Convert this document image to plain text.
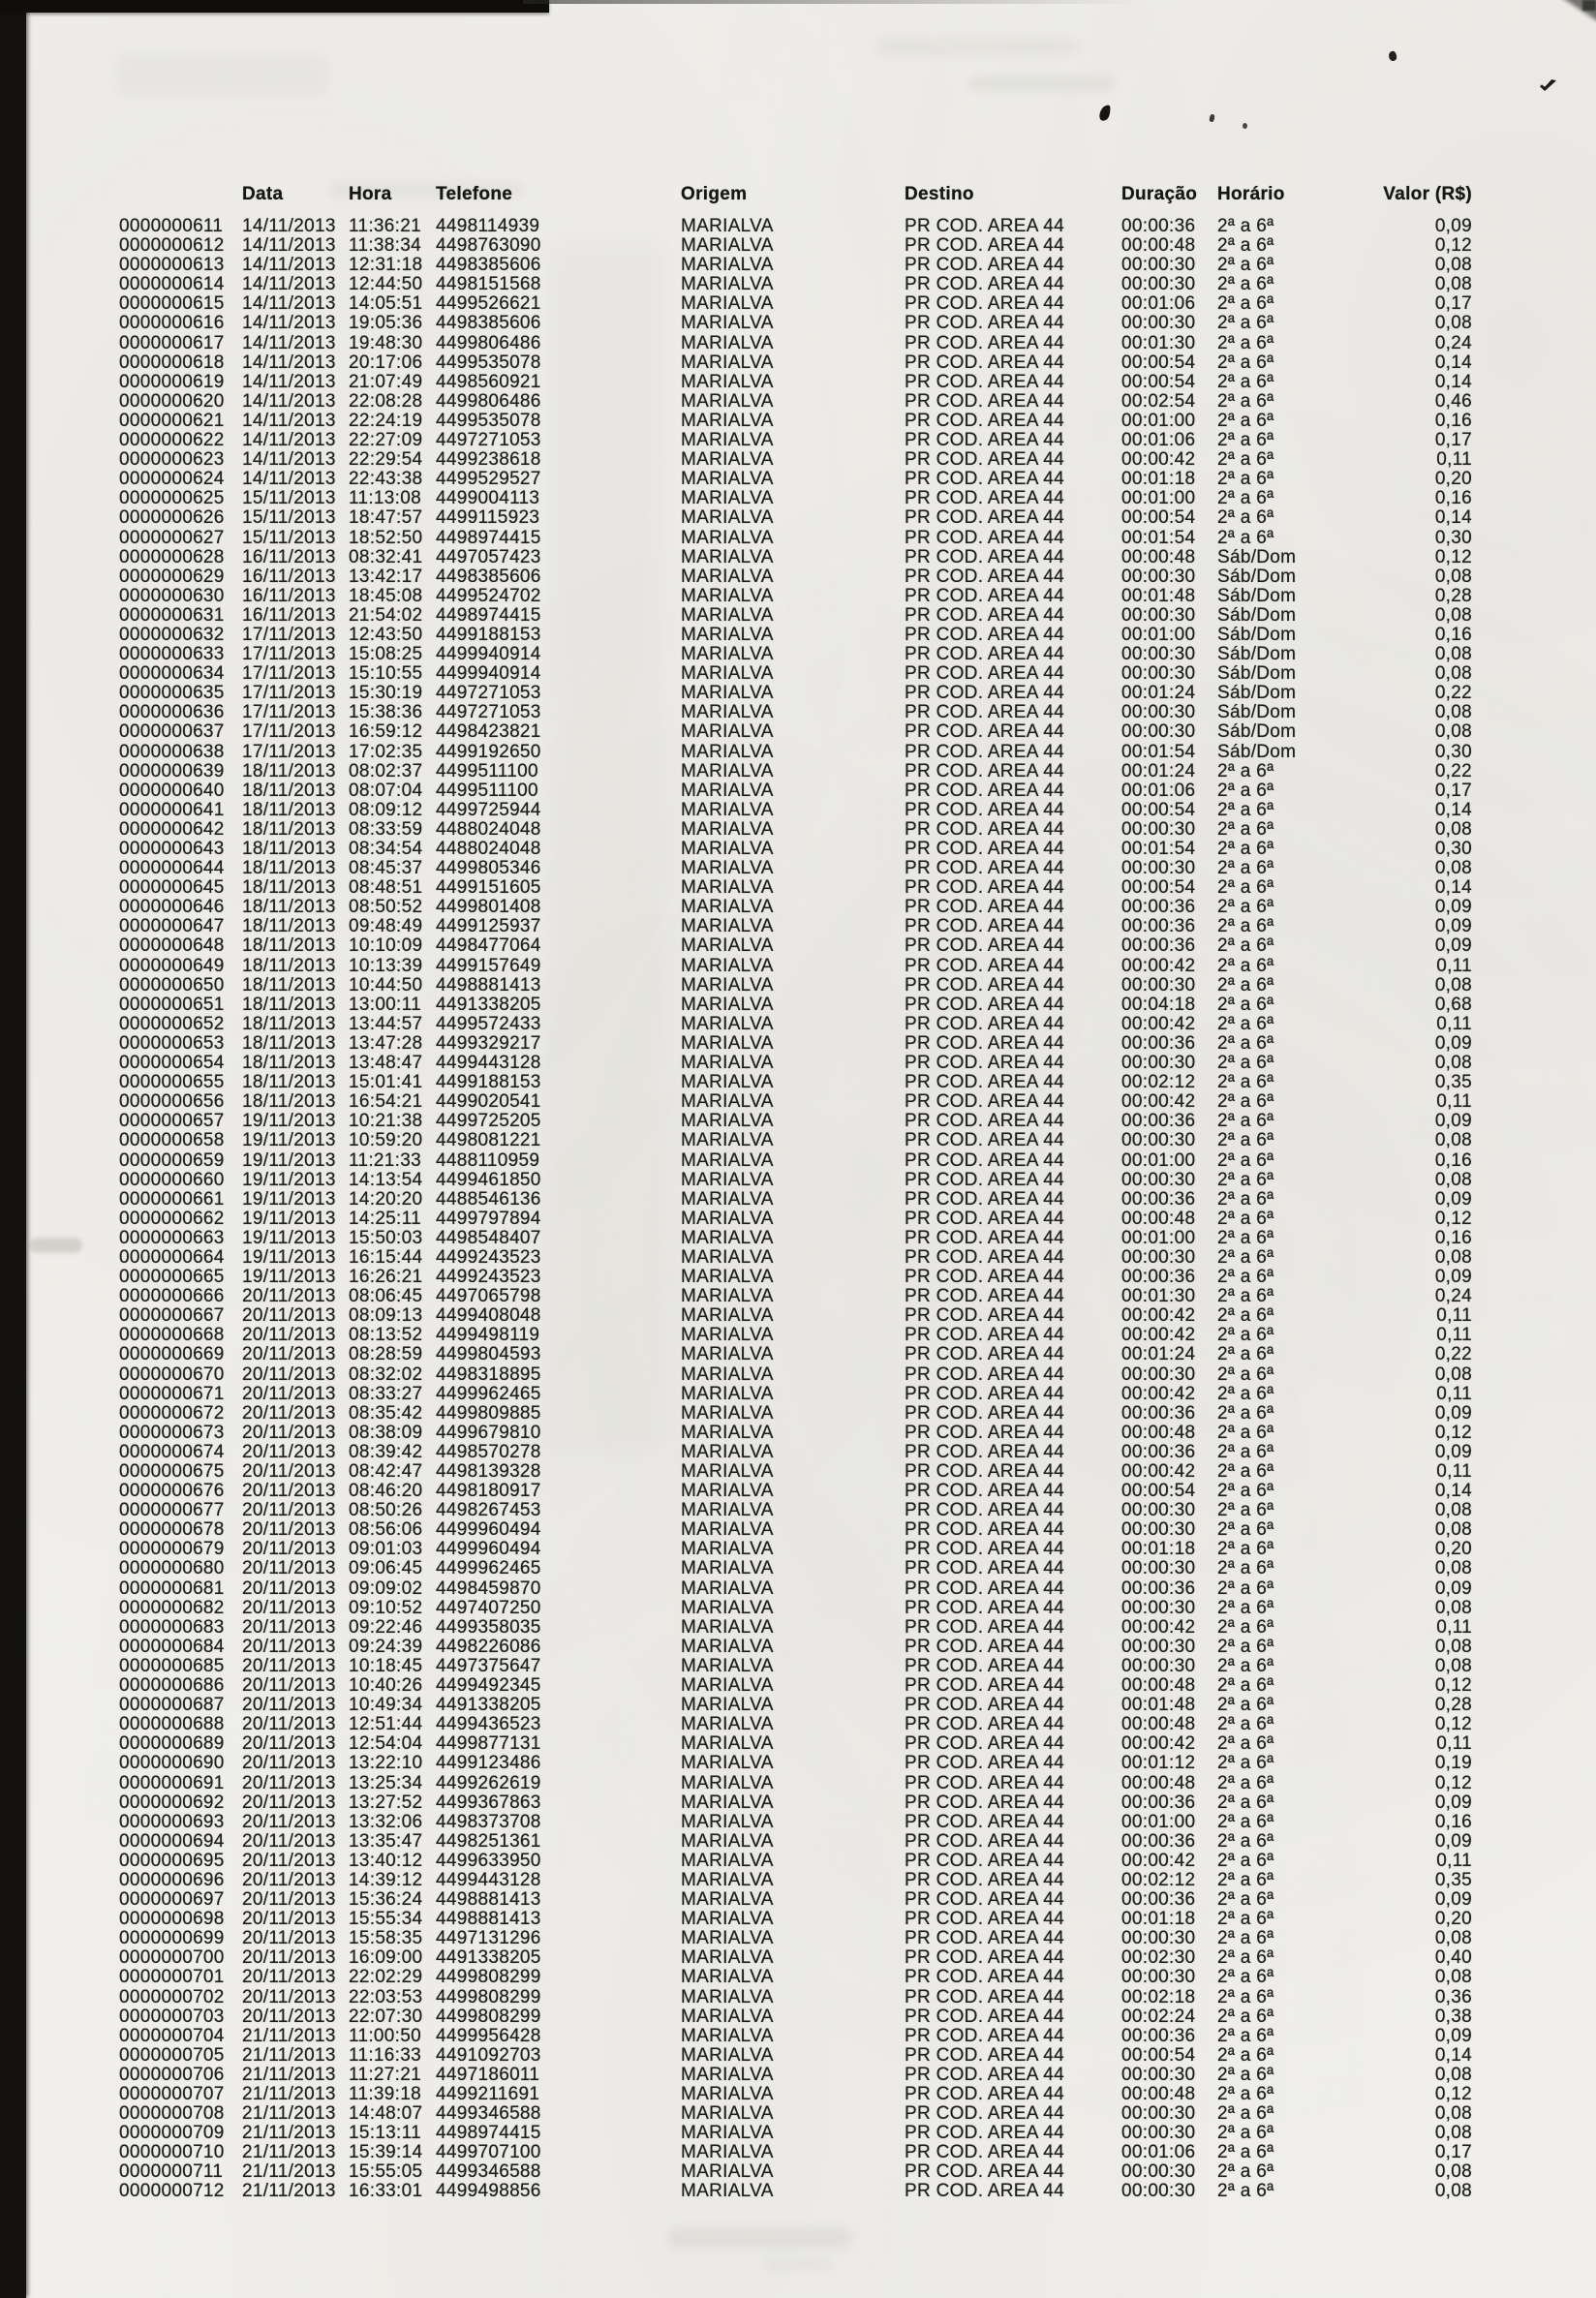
Data	Hora	Telefone	Origem	Destino	Duração	Horário	Valor (R$)
0000000611	14/11/2013 11:36:21 4498114939	MARIALVA	PR COD. AREA 44	00:00:36	2ª a 6ª	0,09
0000000612 14/11/2013 11:38:34 4498763090	MARIALVA	PR COD. AREA 44	00:00:48	2ª a 6ª	0,12
0000000613 14/11/2013 12:31:18 4498385606	MARIALVA	PR COD. AREA 44	00:00:30	2ª a 6ª	0,08
0000000614 14/11/2013 12:44:50 4498151568	MARIALVA	PR COD. AREA 44	00:00:30	2ª a 6ª	0,08
0000000615 14/11/2013 14:05:51 4499526621	MARIALVA	PR COD. AREA 44	00:01:06	2ª a 6ª	0,17
0000000616 14/11/2013 19:05:36 4498385606	MARIALVA	PR COD. AREA 44	00:00:30	2ª a 6ª	0,08
0000000617 14/11/2013 19:48:30 4499806486	MARIALVA	PR COD. AREA 44	00:01:30	2ª a 6ª	0,24
0000000618 14/11/2013 20:17:06 4499535078	MARIALVA	PR COD. AREA 44	00:00:54	2ª a 6ª	0,14
0000000619 14/11/2013 21:07:49 4498560921	MARIALVA	PR COD. AREA 44	00:00:54	2ª a 6ª	0,14
0000000620 14/11/2013 22:08:28 4499806486	MARIALVA	PR COD. AREA 44	00:02:54	2ª a 6ª	0,46
0000000621 14/11/2013 22:24:19 4499535078	MARIALVA	PR COD. AREA 44	00:01:00	2ª a 6ª	0,16
0000000622 14/11/2013 22:27:09 4497271053	MARIALVA	PR COD. AREA 44	00:01:06	2ª a 6ª	0,17
0000000623 14/11/2013 22:29:54 4499238618	MARIALVA	PR COD. AREA 44	00:00:42	2ª a 6ª	0,11
0000000624 14/11/2013 22:43:38 4499529527	MARIALVA	PR COD. AREA 44	00:01:18	2ª a 6ª	0,20
0000000625 15/11/2013 11:13:08 4499004113	MARIALVA	PR COD. AREA 44	00:01:00	2ª a 6ª	0,16
0000000626 15/11/2013 18:47:57 4499115923	MARIALVA	PR COD. AREA 44	00:00:54	2ª a 6ª	0,14
0000000627 15/11/2013 18:52:50 4498974415	MARIALVA	PR COD. AREA 44	00:01:54	2ª a 6ª	0,30
0000000628 16/11/2013 08:32:41 4497057423	MARIALVA	PR COD. AREA 44	00:00:48	Sáb/Dom	0,12
0000000629 16/11/2013 13:42:17 4498385606	MARIALVA	PR COD. AREA 44	00:00:30	Sáb/Dom	0,08
0000000630 16/11/2013 18:45:08 4499524702	MARIALVA	PR COD. AREA 44	00:01:48	Sáb/Dom	0,28
0000000631 16/11/2013 21:54:02 4498974415	MARIALVA	PR COD. AREA 44	00:00:30	Sáb/Dom	0,08
0000000632 17/11/2013 12:43:50 4499188153	MARIALVA	PR COD. AREA 44	00:01:00	Sáb/Dom	0,16
0000000633 17/11/2013 15:08:25 4499940914	MARIALVA	PR COD. AREA 44	00:00:30	Sáb/Dom	0,08
0000000634 17/11/2013 15:10:55 4499940914	MARIALVA	PR COD. AREA 44	00:00:30	Sáb/Dom	0,08
0000000635 17/11/2013 15:30:19 4497271053	MARIALVA	PR COD. AREA 44	00:01:24	Sáb/Dom	0,22
0000000636 17/11/2013 15:38:36 4497271053	MARIALVA	PR COD. AREA 44	00:00:30	Sáb/Dom	0,08
0000000637 17/11/2013 16:59:12 4498423821	MARIALVA	PR COD. AREA 44	00:00:30	Sáb/Dom	0,08
0000000638 17/11/2013 17:02:35 4499192650	MARIALVA	PR COD. AREA 44	00:01:54	Sáb/Dom	0,30
0000000639 18/11/2013 08:02:37 4499511100	MARIALVA	PR COD. AREA 44	00:01:24	2ª a 6ª	0,22
0000000640 18/11/2013 08:07:04 4499511100	MARIALVA	PR COD. AREA 44	00:01:06	2ª a 6ª	0,17
0000000641 18/11/2013 08:09:12 4499725944	MARIALVA	PR COD. AREA 44	00:00:54	2ª a 6ª	0,14
0000000642 18/11/2013 08:33:59 4488024048	MARIALVA	PR COD. AREA 44	00:00:30	2ª a 6ª	0,08
0000000643 18/11/2013 08:34:54 4488024048	MARIALVA	PR COD. AREA 44	00:01:54	2ª a 6ª	0,30
0000000644 18/11/2013 08:45:37 4499805346	MARIALVA	PR COD. AREA 44	00:00:30	2ª a 6ª	0,08
0000000645 18/11/2013 08:48:51 4499151605	MARIALVA	PR COD. AREA 44	00:00:54	2ª a 6ª	0,14
0000000646 18/11/2013 08:50:52 4499801408	MARIALVA	PR COD. AREA 44	00:00:36	2ª a 6ª	0,09
0000000647 18/11/2013 09:48:49 4499125937	MARIALVA	PR COD. AREA 44	00:00:36	2ª a 6ª	0,09
0000000648 18/11/2013 10:10:09 4498477064	MARIALVA	PR COD. AREA 44	00:00:36	2ª a 6ª	0,09
0000000649 18/11/2013 10:13:39 4499157649	MARIALVA	PR COD. AREA 44	00:00:42	2ª a 6ª	0,11
0000000650 18/11/2013 10:44:50 4498881413	MARIALVA	PR COD. AREA 44	00:00:30	2ª a 6ª	0,08
0000000651 18/11/2013 13:00:11 4491338205	MARIALVA	PR COD. AREA 44	00:04:18	2ª a 6ª	0,68
0000000652 18/11/2013 13:44:57 4499572433	MARIALVA	PR COD. AREA 44	00:00:42	2ª a 6ª	0,11
0000000653 18/11/2013 13:47:28 4499329217	MARIALVA	PR COD. AREA 44	00:00:36	2ª a 6ª	0,09
0000000654 18/11/2013 13:48:47 4499443128	MARIALVA	PR COD. AREA 44	00:00:30	2ª a 6ª	0,08
0000000655 18/11/2013 15:01:41 4499188153	MARIALVA	PR COD. AREA 44	00:02:12	2ª a 6ª	0,35
0000000656 18/11/2013 16:54:21 4499020541	MARIALVA	PR COD. AREA 44	00:00:42	2ª a 6ª	0,11
0000000657 19/11/2013 10:21:38 4499725205	MARIALVA	PR COD. AREA 44	00:00:36	2ª a 6ª	0,09
0000000658 19/11/2013 10:59:20 4498081221	MARIALVA	PR COD. AREA 44	00:00:30	2ª a 6ª	0,08
0000000659 19/11/2013 11:21:33 4488110959	MARIALVA	PR COD. AREA 44	00:01:00	2ª a 6ª	0,16
0000000660 19/11/2013 14:13:54 4499461850	MARIALVA	PR COD. AREA 44	00:00:30	2ª a 6ª	0,08
0000000661 19/11/2013 14:20:20 4488546136	MARIALVA	PR COD. AREA 44	00:00:36	2ª a 6ª	0,09
0000000662 19/11/2013 14:25:11 4499797894	MARIALVA	PR COD. AREA 44	00:00:48	2ª a 6ª	0,12
0000000663 19/11/2013 15:50:03 4498548407	MARIALVA	PR COD. AREA 44	00:01:00	2ª a 6ª	0,16
0000000664 19/11/2013 16:15:44 4499243523	MARIALVA	PR COD. AREA 44	00:00:30	2ª a 6ª	0,08
0000000665 19/11/2013 16:26:21 4499243523	MARIALVA	PR COD. AREA 44	00:00:36	2ª a 6ª	0,09
0000000666 20/11/2013 08:06:45 4497065798	MARIALVA	PR COD. AREA 44	00:01:30	2ª a 6ª	0,24
0000000667 20/11/2013 08:09:13 4499408048	MARIALVA	PR COD. AREA 44	00:00:42	2ª a 6ª	0,11
0000000668 20/11/2013 08:13:52 4499498119	MARIALVA	PR COD. AREA 44	00:00:42	2ª a 6ª	0,11
0000000669 20/11/2013 08:28:59 4499804593	MARIALVA	PR COD. AREA 44	00:01:24	2ª a 6ª	0,22
0000000670 20/11/2013 08:32:02 4498318895	MARIALVA	PR COD. AREA 44	00:00:30	2ª a 6ª	0,08
0000000671 20/11/2013 08:33:27 4499962465	MARIALVA	PR COD. AREA 44	00:00:42	2ª a 6ª	0,11
0000000672 20/11/2013 08:35:42 4499809885	MARIALVA	PR COD. AREA 44	00:00:36	2ª a 6ª	0,09
0000000673 20/11/2013 08:38:09 4499679810	MARIALVA	PR COD. AREA 44	00:00:48	2ª a 6ª	0,12
0000000674 20/11/2013 08:39:42 4498570278	MARIALVA	PR COD. AREA 44	00:00:36	2ª a 6ª	0,09
0000000675 20/11/2013 08:42:47 4498139328	MARIALVA	PR COD. AREA 44	00:00:42	2ª a 6ª	0,11
0000000676 20/11/2013 08:46:20 4498180917	MARIALVA	PR COD. AREA 44	00:00:54	2ª a 6ª	0,14
0000000677 20/11/2013 08:50:26 4498267453	MARIALVA	PR COD. AREA 44	00:00:30	2ª a 6ª	0,08
0000000678 20/11/2013 08:56:06 4499960494	MARIALVA	PR COD. AREA 44	00:00:30	2ª a 6ª	0,08
0000000679 20/11/2013 09:01:03 4499960494	MARIALVA	PR COD. AREA 44	00:01:18	2ª a 6ª	0,20
0000000680 20/11/2013 09:06:45 4499962465	MARIALVA	PR COD. AREA 44	00:00:30	2ª a 6ª	0,08
0000000681 20/11/2013 09:09:02 4498459870	MARIALVA	PR COD. AREA 44	00:00:36	2ª a 6ª	0,09
0000000682 20/11/2013 09:10:52 4497407250	MARIALVA	PR COD. AREA 44	00:00:30	2ª a 6ª	0,08
0000000683 20/11/2013 09:22:46 4499358035	MARIALVA	PR COD. AREA 44	00:00:42	2ª a 6ª	0,11
0000000684 20/11/2013 09:24:39 4498226086	MARIALVA	PR COD. AREA 44	00:00:30	2ª a 6ª	0,08
0000000685 20/11/2013 10:18:45 4497375647	MARIALVA	PR COD. AREA 44	00:00:30	2ª a 6ª	0,08
0000000686 20/11/2013 10:40:26 4499492345	MARIALVA	PR COD. AREA 44	00:00:48	2ª a 6ª	0,12
0000000687 20/11/2013 10:49:34 4491338205	MARIALVA	PR COD. AREA 44	00:01:48	2ª a 6ª	0,28
0000000688 20/11/2013 12:51:44 4499436523	MARIALVA	PR COD. AREA 44	00:00:48	2ª a 6ª	0,12
0000000689 20/11/2013 12:54:04 4499877131	MARIALVA	PR COD. AREA 44	00:00:42	2ª a 6ª	0,11
0000000690 20/11/2013 13:22:10 4499123486	MARIALVA	PR COD. AREA 44	00:01:12	2ª a 6ª	0,19
0000000691 20/11/2013 13:25:34 4499262619	MARIALVA	PR COD. AREA 44	00:00:48	2ª a 6ª	0,12
0000000692 20/11/2013 13:27:52 4499367863	MARIALVA	PR COD. AREA 44	00:00:36	2ª a 6ª	0,09
0000000693 20/11/2013 13:32:06 4498373708	MARIALVA	PR COD. AREA 44	00:01:00	2ª a 6ª	0,16
0000000694 20/11/2013 13:35:47 4498251361	MARIALVA	PR COD. AREA 44	00:00:36	2ª a 6ª	0,09
0000000695 20/11/2013 13:40:12 4499633950	MARIALVA	PR COD. AREA 44	00:00:42	2ª a 6ª	0,11
0000000696 20/11/2013 14:39:12 4499443128	MARIALVA	PR COD. AREA 44	00:02:12	2ª a 6ª	0,35
0000000697 20/11/2013 15:36:24 4498881413	MARIALVA	PR COD. AREA 44	00:00:36	2ª a 6ª	0,09
0000000698 20/11/2013 15:55:34 4498881413	MARIALVA	PR COD. AREA 44	00:01:18	2ª a 6ª	0,20
0000000699 20/11/2013 15:58:35 4497131296	MARIALVA	PR COD. AREA 44	00:00:30	2ª a 6ª	0,08
0000000700 20/11/2013 16:09:00 4491338205	MARIALVA	PR COD. AREA 44	00:02:30	2ª a 6ª	0,40
0000000701 20/11/2013 22:02:29 4499808299	MARIALVA	PR COD. AREA 44	00:00:30	2ª a 6ª	0,08
0000000702 20/11/2013 22:03:53 4499808299	MARIALVA	PR COD. AREA 44	00:02:18	2ª a 6ª	0,36
0000000703 20/11/2013 22:07:30 4499808299	MARIALVA	PR COD. AREA 44	00:02:24	2ª a 6ª	0,38
0000000704 21/11/2013 11:00:50 4499956428	MARIALVA	PR COD. AREA 44	00:00:36	2ª a 6ª	0,09
0000000705 21/11/2013 11:16:33 4491092703	MARIALVA	PR COD. AREA 44	00:00:54	2ª a 6ª	0,14
0000000706 21/11/2013 11:27:21 4497186011	MARIALVA	PR COD. AREA 44	00:00:30	2ª a 6ª	0,08
0000000707 21/11/2013 11:39:18 4499211691	MARIALVA	PR COD. AREA 44	00:00:48	2ª a 6ª	0,12
0000000708 21/11/2013 14:48:07 4499346588	MARIALVA	PR COD. AREA 44	00:00:30	2ª a 6ª	0,08
0000000709 21/11/2013 15:13:11 4498974415	MARIALVA	PR COD. AREA 44	00:00:30	2ª a 6ª	0,08
0000000710 21/11/2013 15:39:14 4499707100	MARIALVA	PR COD. AREA 44	00:01:06	2ª a 6ª	0,17
0000000711	21/11/2013 15:55:05 4499346588	MARIALVA	PR COD. AREA 44	00:00:30	2ª a 6ª	0,08
0000000712 21/11/2013 16:33:01 4499498856	MARIALVA	PR COD. AREA 44	00:00:30	2ª a 6ª	0,08
